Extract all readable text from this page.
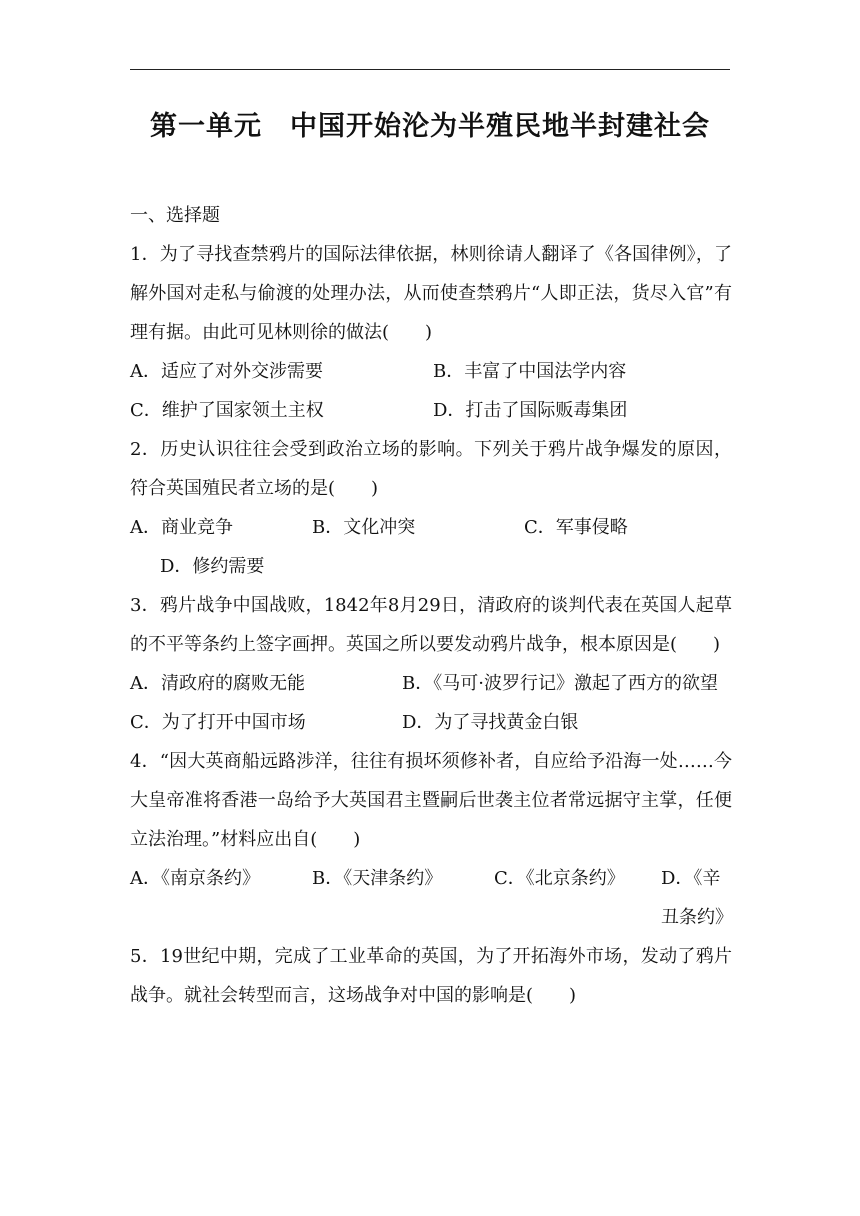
第一单元　中国开始沦为半殖民地半封建社会

一、选择题

1．为了寻找查禁鸦片的国际法律依据，林则徐请人翻译了《各国律例》，了解外国对走私与偷渡的处理办法，从而使查禁鸦片“人即正法，货尽入官”有理有据。由此可见林则徐的做法(　　)

A．适应了对外交涉需要	B．丰富了中国法学内容
C．维护了国家领土主权	D．打击了国际贩毒集团

2．历史认识往往会受到政治立场的影响。下列关于鸦片战争爆发的原因，符合英国殖民者立场的是(　　)

A．商业竞争	B．文化冲突	C．军事侵略
D．修约需要

3．鸦片战争中国战败，1842年8月29日，清政府的谈判代表在英国人起草的不平等条约上签字画押。英国之所以要发动鸦片战争，根本原因是(　　)

A．清政府的腐败无能	B．《马可·波罗行记》激起了西方的欲望
C．为了打开中国市场	D．为了寻找黄金白银

4．“因大英商船远路涉洋，往往有损坏须修补者，自应给予沿海一处……今大皇帝准将香港一岛给予大英国君主暨嗣后世袭主位者常远据守主掌，任便立法治理。”材料应出自(　　)

A．《南京条约》	B．《天津条约》	C．《北京条约》	D．《辛丑条约》

5．19世纪中期，完成了工业革命的英国，为了开拓海外市场，发动了鸦片战争。就社会转型而言，这场战争对中国的影响是(　　)
